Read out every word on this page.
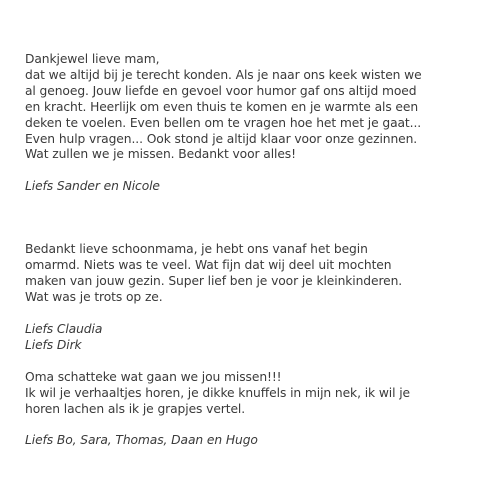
Dankjewel lieve mam,
dat we altijd bij je terecht konden. Als je naar ons keek wisten we
al genoeg. Jouw liefde en gevoel voor humor gaf ons altijd moed
en kracht. Heerlijk om even thuis te komen en je warmte als een
deken te voelen. Even bellen om te vragen hoe het met je gaat...
Even hulp vragen... Ook stond je altijd klaar voor onze gezinnen.
Wat zullen we je missen. Bedankt voor alles!
Liefs Sander en Nicole
Bedankt lieve schoonmama, je hebt ons vanaf het begin
omarmd. Niets was te veel. Wat fijn dat wij deel uit mochten
maken van jouw gezin. Super lief ben je voor je kleinkinderen.
Wat was je trots op ze.
Liefs Claudia
Liefs Dirk
Oma schatteke wat gaan we jou missen!!!
Ik wil je verhaaltjes horen, je dikke knuffels in mijn nek, ik wil je
horen lachen als ik je grapjes vertel.
Liefs Bo, Sara, Thomas, Daan en Hugo
